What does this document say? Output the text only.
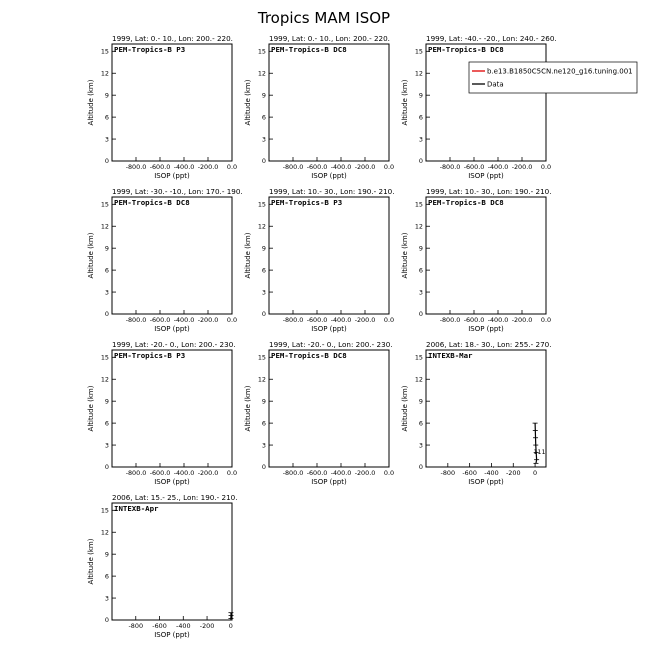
Tropics MAM ISOP
1999, Lat: 0.- 10., Lon: 200.- 220.
PEM-Tropics-B P3
-800.0 -600.0 -400.0 -200.0 0.0
0
3
6
9
12
15
ISOP (ppt)
Altitude (km)
1999, Lat: 0.- 10., Lon: 200.- 220.
PEM-Tropics-B DC8
-800.0 -600.0 -400.0 -200.0 0.0
0
3
6
9
12
15
ISOP (ppt)
Altitude (km)
1999, Lat: -40.- -20., Lon: 240.- 260.
PEM-Tropics-B DC8
-800.0 -600.0 -400.0 -200.0 0.0
0
3
6
9
12
15
ISOP (ppt)
Altitude (km)
1999, Lat: -30.- -10., Lon: 170.- 190.
PEM-Tropics-B DC8
-800.0 -600.0 -400.0 -200.0 0.0
0
3
6
9
12
15
ISOP (ppt)
Altitude (km)
1999, Lat: 10.- 30., Lon: 190.- 210.
PEM-Tropics-B P3
-800.0 -600.0 -400.0 -200.0 0.0
0
3
6
9
12
15
ISOP (ppt)
Altitude (km)
1999, Lat: 10.- 30., Lon: 190.- 210.
PEM-Tropics-B DC8
-800.0 -600.0 -400.0 -200.0 0.0
0
3
6
9
12
15
ISOP (ppt)
Altitude (km)
1999, Lat: -20.- 0., Lon: 200.- 230.
PEM-Tropics-B P3
-800.0 -600.0 -400.0 -200.0 0.0
0
3
6
9
12
15
ISOP (ppt)
Altitude (km)
1999, Lat: -20.- 0., Lon: 200.- 230.
PEM-Tropics-B DC8
-800.0 -600.0 -400.0 -200.0 0.0
0
3
6
9
12
15
ISOP (ppt)
Altitude (km)
2006, Lat: 18.- 30., Lon: 255.- 270.
INTEXB-Mar
-800 -600 -400 -200 0
0
3
6
9
12
15
ISOP (ppt)
Altitude (km)
111
2006, Lat: 15.- 25., Lon: 190.- 210.
INTEXB-Apr
-800 -600 -400 -200 0
0
3
6
9
12
15
ISOP (ppt)
Altitude (km)
b.e13.B1850C5CN.ne120_g16.tuning.001
Data
